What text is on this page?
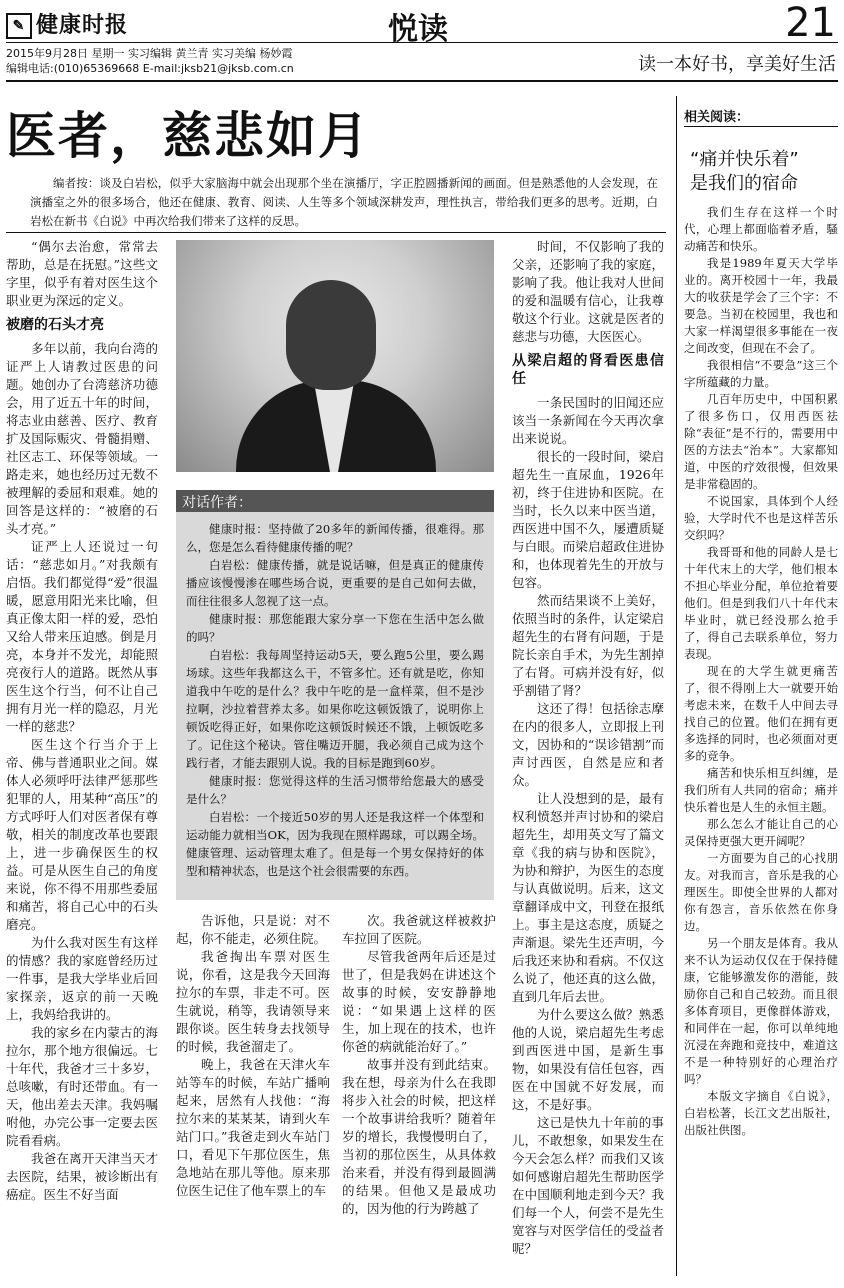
✎ 健康时报	悦读	21
2015年9月28日 星期一 实习编辑 黄兰青 实习美编 杨妙霞
编辑电话:(010)65369668 E-mail:jksb21@jksb.com.cn	读一本好书，享美好生活
医者，慈悲如月
编者按：谈及白岩松，似乎大家脑海中就会出现那个坐在演播厅，字正腔圆播新闻的画面。但是熟悉他的人会发现，在演播室之外的很多场合，他还在健康、教育、阅读、人生等多个领域深耕发声，理性执言，带给我们更多的思考。近期，白岩松在新书《白说》中再次给我们带来了这样的反思。

“偶尔去治愈，常常去帮助，总是在抚慰。”这些文字里，似乎有着对医生这个职业更为深远的定义。

被磨的石头才亮

多年以前，我向台湾的证严上人请教过医患的问题。她创办了台湾慈济功德会，用了近五十年的时间，将志业由慈善、医疗、教育扩及国际赈灾、骨髓捐赠、社区志工、环保等领域。一路走来，她也经历过无数不被理解的委屈和艰难。她的回答是这样的：“被磨的石头才亮。”

证严上人还说过一句话：“慈悲如月。”对我颇有启悟。我们都觉得“爱”很温暖，愿意用阳光来比喻，但真正像太阳一样的爱，恐怕又给人带来压迫感。倒是月亮，本身并不发光，却能照亮夜行人的道路。既然从事医生这个行当，何不让自己拥有月光一样的隐忍，月光一样的慈悲？

医生这个行当介于上帝、佛与普通职业之间。媒体人必须呼吁法律严惩那些犯罪的人，用某种“高压”的方式呼吁人们对医者保有尊敬，相关的制度改革也要跟上，进一步确保医生的权益。可是从医生自己的角度来说，你不得不用那些委屈和痛苦，将自己心中的石头磨亮。

为什么我对医生有这样的情感？我的家庭曾经历过一件事，是我大学毕业后回家探亲，返京的前一天晚上，我妈给我讲的。

我的家乡在内蒙古的海拉尔，那个地方很偏远。七十年代，我爸才三十多岁，总咳嗽，有时还带血。有一天，他出差去天津。我妈嘱咐他，办完公事一定要去医院看看病。

我爸在离开天津当天才去医院，结果，被诊断出有癌症。医生不好当面

对话作者：

健康时报：坚持做了20多年的新闻传播，很难得。那么，您是怎么看待健康传播的呢？

白岩松：健康传播，就是说话嘛，但是真正的健康传播应该慢慢渗在哪些场合说，更重要的是自己如何去做，而往往很多人忽视了这一点。

健康时报：那您能跟大家分享一下您在生活中怎么做的吗？

白岩松：我每周坚持运动5天，要么跑5公里，要么踢场球。这些年我都这么干，不管多忙。还有就是吃，你知道我中午吃的是什么？我中午吃的是一盒样菜，但不是沙拉啊，沙拉着营养太多。如果你吃这顿饭饿了，说明你上顿饭吃得正好，如果你吃这顿饭时候还不饿，上顿饭吃多了。记住这个秘诀。管住嘴迈开腿，我必须自己成为这个践行者，才能去跟别人说。我的目标是跑到60岁。

健康时报：您觉得这样的生活习惯带给您最大的感受是什么？

白岩松：一个接近50岁的男人还是我这样一个体型和运动能力就相当OK，因为我现在照样踢球，可以踢全场。健康管理、运动管理太难了。但是每一个男女保持好的体型和精神状态，也是这个社会很需要的东西。

告诉他，只是说：对不起，你不能走，必须住院。

我爸掏出车票对医生说，你看，这是我今天回海拉尔的车票，非走不可。医生就说，稍等，我请领导来跟你谈。医生转身去找领导的时候，我爸溜走了。

晚上，我爸在天津火车站等车的时候，车站广播响起来，居然有人找他：“海拉尔来的某某某，请到火车站门口。”我爸走到火车站门口，看见下午那位医生，焦急地站在那儿等他。原来那位医生记住了他车票上的车

次。我爸就这样被救护车拉回了医院。

尽管我爸两年后还是过世了，但是我妈在讲述这个故事的时候，安安静静地说：“如果遇上这样的医生，加上现在的技术，也许你爸的病就能治好了。”

故事并没有到此结束。我在想，母亲为什么在我即将步入社会的时候，把这样一个故事讲给我听？随着年岁的增长，我慢慢明白了，当初的那位医生，从具体救治来看，并没有得到最圆满的结果。但他又是最成功的，因为他的行为跨越了

时间，不仅影响了我的父亲，还影响了我的家庭，影响了我。他让我对人世间的爱和温暖有信心，让我尊敬这个行业。这就是医者的慈悲与功德，大医医心。

从梁启超的肾看医患信任

一条民国时的旧闻还应该当一条新闻在今天再次拿出来说说。

很长的一段时间，梁启超先生一直尿血，1926年初，终于住进协和医院。在当时，长久以来中医当道，西医进中国不久，屡遭质疑与白眼。而梁启超政住进协和，也体现着先生的开放与包容。

然而结果谈不上美好，依照当时的条件，认定梁启超先生的右肾有问题，于是院长亲自手术，为先生割掉了右肾。可病并没有好，似乎割错了肾？

这还了得！包括徐志摩在内的很多人，立即报上刊文，因协和的“误诊错割”而声讨西医，自然是应和者众。

让人没想到的是，最有权利愤怒并声讨协和的梁启超先生，却用英文写了篇文章《我的病与协和医院》，为协和辩护，为医生的态度与认真做说明。后来，这文章翻译成中文，刊登在报纸上。事主是这态度，质疑之声渐退。梁先生还声明，今后我还来协和看病。不仅这么说了，他还真的这么做，直到几年后去世。

为什么要这么做？熟悉他的人说，梁启超先生考虑到西医进中国，是新生事物，如果没有信任包容，西医在中国就不好发展，而这，不是好事。

这已是快九十年前的事儿，不敢想象，如果发生在今天会怎么样？而我们又该如何感谢启超先生帮助医学在中国顺利地走到今天？我们每一个人，何尝不是先生宽容与对医学信任的受益者呢？

相关阅读：
“痛并快乐着”
是我们的宿命

我们生存在这样一个时代，心理上都面临着矛盾，騷动痛苦和快乐。

我是1989年夏天大学毕业的。离开校园十一年，我最大的收获是学会了三个字：不要急。当初在校园里，我也和大家一样渴望很多事能在一夜之间改变，但现在不会了。

我很相信“不要急”这三个字所蕴藏的力量。

几百年历史中，中国积累了很多伤口，仅用西医祛除“表征”是不行的，需要用中医的方法去“治本”。大家都知道，中医的疗效很慢，但效果是非常稳固的。

不说国家，具体到个人经验，大学时代不也是这样苦乐交织吗？

我哥哥和他的同龄人是七十年代末上的大学，他们根本不担心毕业分配，单位抢着要他们。但是到我们八十年代末毕业时，就已经没那么抢手了，得自己去联系单位，努力表现。

现在的大学生就更痛苦了，很不得刚上大一就要开始考虑未来，在数千人中间去寻找自己的位置。他们在拥有更多选择的同时，也必须面对更多的竞争。

痛苦和快乐相互纠缠，是我们所有人共同的宿命；痛并快乐着也是人生的永恒主题。

那么怎么才能让自己的心灵保持更强大更开阔呢？

一方面要为自己的心找朋友。对我而言，音乐是我的心理医生。即使全世界的人都对你有怨言，音乐依然在你身边。

另一个朋友是体育。我从来不认为运动仅仅在于保持健康，它能够激发你的潜能，鼓励你自己和自己较劲。而且很多体育项目，更像群体游戏，和同伴在一起，你可以单纯地沉浸在奔跑和竞技中，难道这不是一种特别好的心理治疗吗？

本版文字摘自《白说》，白岩松著，长江文艺出版社，出版社供图。
